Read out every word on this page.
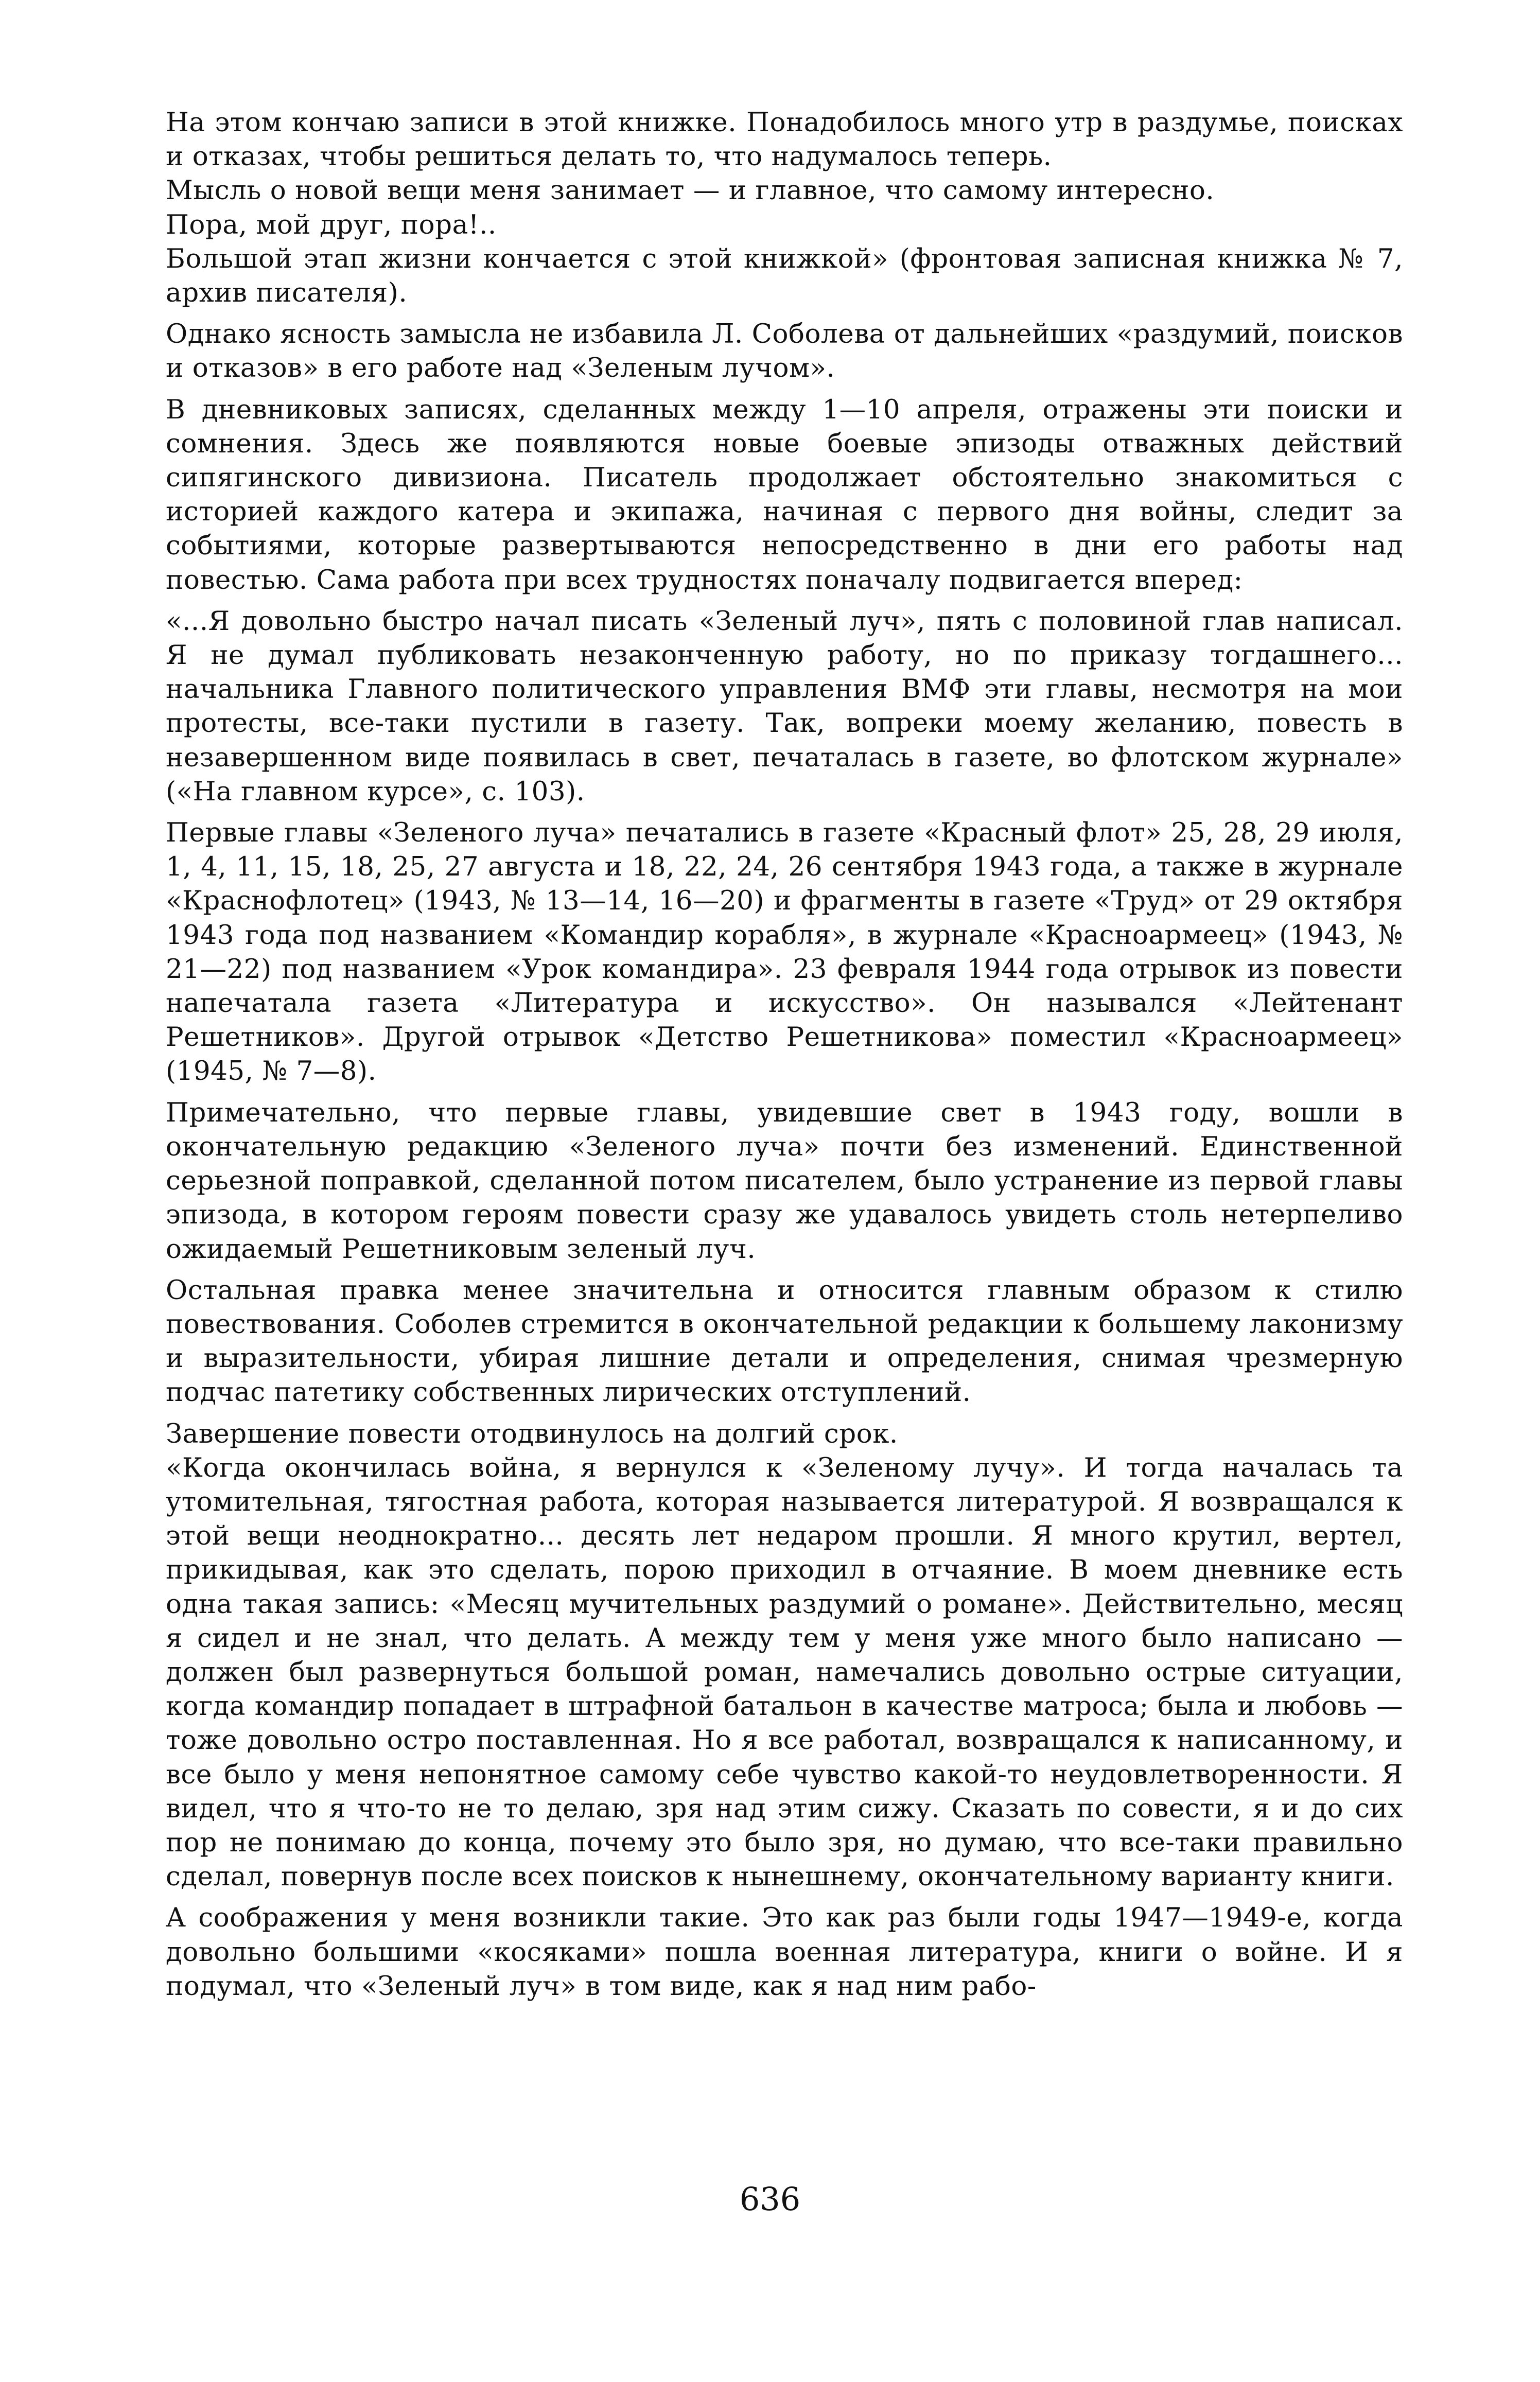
На этом кончаю записи в этой книжке. Понадобилось много утр в раздумье, поисках и отказах, чтобы решиться делать то, что надумалось теперь.

Мысль о новой вещи меня занимает — и главное, что самому интересно.

Пора, мой друг, пора!..

Большой этап жизни кончается с этой книжкой» (фронтовая записная книжка № 7, архив писателя).

Однако ясность замысла не избавила Л. Соболева от дальнейших «раздумий, поисков и отказов» в его работе над «Зеленым лучом».

В дневниковых записях, сделанных между 1—10 апреля, отражены эти поиски и сомнения. Здесь же появляются новые боевые эпизоды отважных действий сипягинского дивизиона. Писатель продолжает обстоятельно знакомиться с историей каждого катера и экипажа, начиная с первого дня войны, следит за событиями, которые развертываются непосредственно в дни его работы над повестью. Сама работа при всех трудностях поначалу подвигается вперед:

«...Я довольно быстро начал писать «Зеленый луч», пять с половиной глав написал. Я не думал публиковать незаконченную работу, но по приказу тогдашнего... начальника Главного политического управления ВМФ эти главы, несмотря на мои протесты, все-таки пустили в газету. Так, вопреки моему желанию, повесть в незавершенном виде появилась в свет, печаталась в газете, во флотском журнале» («На главном курсе», с. 103).

Первые главы «Зеленого луча» печатались в газете «Красный флот» 25, 28, 29 июля, 1, 4, 11, 15, 18, 25, 27 августа и 18, 22, 24, 26 сентября 1943 года, а также в журнале «Краснофлотец» (1943, № 13—14, 16—20) и фрагменты в газете «Труд» от 29 октября 1943 года под названием «Командир корабля», в журнале «Красноармеец» (1943, № 21—22) под названием «Урок командира». 23 февраля 1944 года отрывок из повести напечатала газета «Литература и искусство». Он назывался «Лейтенант Решетников». Другой отрывок «Детство Решетникова» поместил «Красноармеец» (1945, № 7—8).

Примечательно, что первые главы, увидевшие свет в 1943 году, вошли в окончательную редакцию «Зеленого луча» почти без изменений. Единственной серьезной поправкой, сделанной потом писателем, было устранение из первой главы эпизода, в котором героям повести сразу же удавалось увидеть столь нетерпеливо ожидаемый Решетниковым зеленый луч.

Остальная правка менее значительна и относится главным образом к стилю повествования. Соболев стремится в окончательной редакции к большему лаконизму и выразительности, убирая лишние детали и определения, снимая чрезмерную подчас патетику собственных лирических отступлений.

Завершение повести отодвинулось на долгий срок.

«Когда окончилась война, я вернулся к «Зеленому лучу». И тогда началась та утомительная, тягостная работа, которая называется литературой. Я возвращался к этой вещи неоднократно... десять лет недаром прошли. Я много крутил, вертел, прикидывая, как это сделать, порою приходил в отчаяние. В моем дневнике есть одна такая запись: «Месяц мучительных раздумий о романе». Действительно, месяц я сидел и не знал, что делать. А между тем у меня уже много было написано — должен был развернуться большой роман, намечались довольно острые ситуации, когда командир попадает в штрафной батальон в качестве матроса; была и любовь — тоже довольно остро поставленная. Но я все работал, возвращался к написанному, и все было у меня непонятное самому себе чувство какой-то неудовлетворенности. Я видел, что я что-то не то делаю, зря над этим сижу. Сказать по совести, я и до сих пор не понимаю до конца, почему это было зря, но думаю, что все-таки правильно сделал, повернув после всех поисков к нынешнему, окончательному варианту книги.

А соображения у меня возникли такие. Это как раз были годы 1947—1949-е, когда довольно большими «косяками» пошла военная литература, книги о войне. И я подумал, что «Зеленый луч» в том виде, как я над ним рабо-

636
